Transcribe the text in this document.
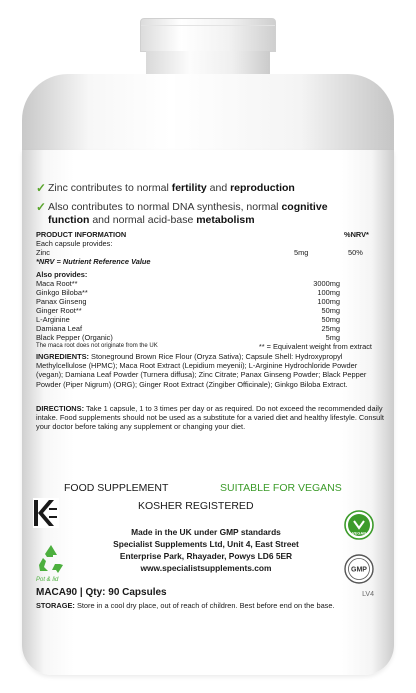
✓ Zinc contributes to normal fertility and reproduction
✓ Also contributes to normal DNA synthesis, normal cognitive
function and normal acid-base metabolism
PRODUCT INFORMATION	%NRV*
Each capsule provides:
Zinc	5mg	50%
*NRV = Nutrient Reference Value
Also provides:
Maca Root**	3000mg
Ginkgo Biloba**	100mg
Panax Ginseng	100mg
Ginger Root**	50mg
L-Arginine	50mg
Damiana Leaf	25mg
Black Pepper (Organic)	5mg
The maca root does not originate from the UK	** = Equivalent weight from extract
INGREDIENTS: Stoneground Brown Rice Flour (Oryza Sativa); Capsule Shell: Hydroxypropyl Methylcellulose (HPMC); Maca Root Extract (Lepidium meyenii); L-Arginine Hydrochloride Powder (vegan); Damiana Leaf Powder (Turnera diffusa); Zinc Citrate; Panax Ginseng Powder; Black Pepper Powder (Piper Nigrum) (ORG); Ginger Root Extract (Zingiber Officinale); Ginkgo Biloba Extract.
DIRECTIONS: Take 1 capsule, 1 to 3 times per day or as required. Do not exceed the recommended daily intake. Food supplements should not be used as a substitute for a varied diet and healthy lifestyle. Consult your doctor before taking any supplement or changing your diet.
FOOD SUPPLEMENT	SUITABLE FOR VEGANS
KOSHER REGISTERED
Pot & lid
Made in the UK under GMP standards
Specialist Supplements Ltd, Unit 4, East Street
Enterprise Park, Rhayader, Powys LD6 5ER
www.specialistsupplements.com
VEGAN
GMP
MACA90 | Qty: 90 Capsules	LV4
STORAGE: Store in a cool dry place, out of reach of children. Best before end on the base.
